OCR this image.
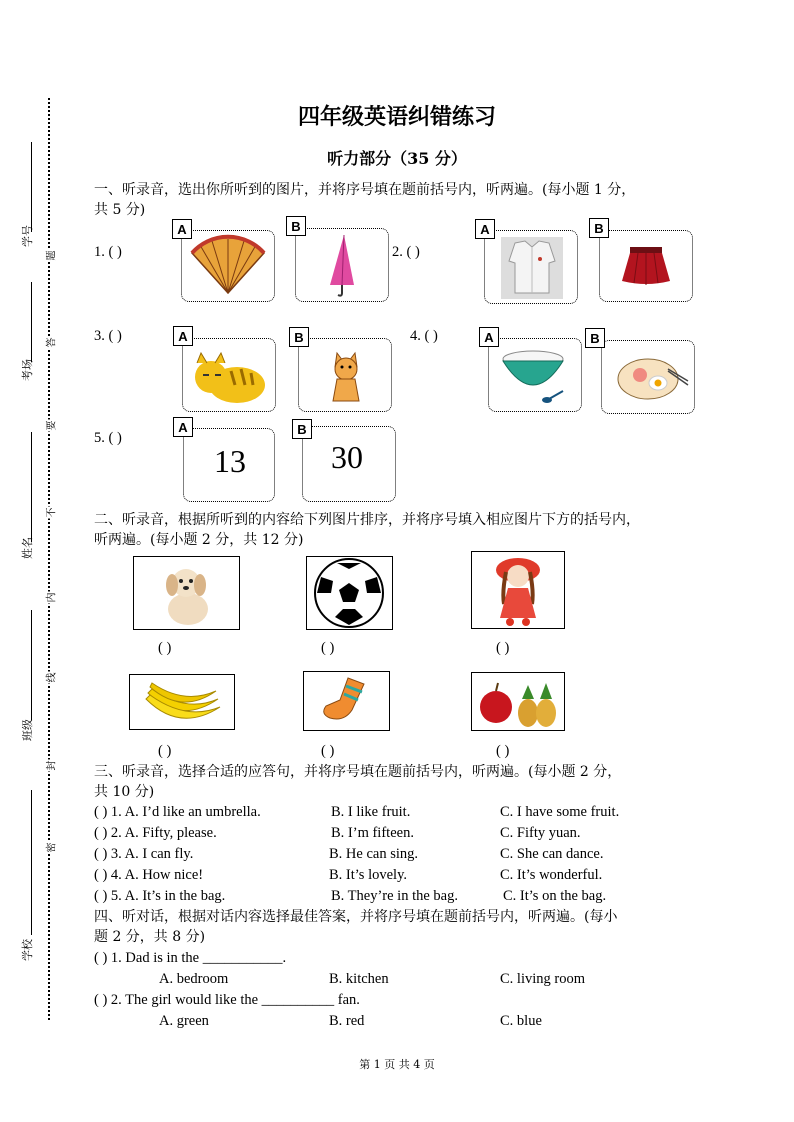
学号
考场
姓名
班级
学校
题
答
要
不
内
线
封
密
四年级英语纠错练习
听力部分（35 分）
一、听录音，选出你所听到的图片，并将序号填在题前括号内，听两遍。(每小题 1 分，
共 5 分)
1. ( )
A	B
2. ( )
A	B
3. ( )	A	B	4. ( )	A	B
5. ( )
13
A
30
B
二、听录音，根据所听到的内容给下列图片排序，并将序号填入相应图片下方的括号内，
听两遍。(每小题 2 分，共 12 分)
( )	( )	( )
( )	( )	( )
三、听录音，选择合适的应答句，并将序号填在题前括号内，听两遍。(每小题 2 分，
共 10 分)
( ) 1. A. I’d like an umbrella.	B. I like fruit.	C. I have some fruit.
( ) 2. A. Fifty, please.	B. I’m fifteen.	C. Fifty yuan.
( ) 3. A. I can fly.	B. He can sing.	C. She can dance.
( ) 4. A. How nice!	B. It’s lovely.	C. It’s wonderful.
( ) 5. A. It’s in the bag.	B. They’re in the bag.	C. It’s on the bag.
四、听对话，根据对话内容选择最佳答案，并将序号填在题前括号内，听两遍。(每小
题 2 分，共 8 分)
( ) 1. Dad is in the ___________.
A. bedroom	B. kitchen	C. living room
( ) 2. The girl would like the __________ fan.
A. green	B. red	C. blue
第 1 页 共 4 页
